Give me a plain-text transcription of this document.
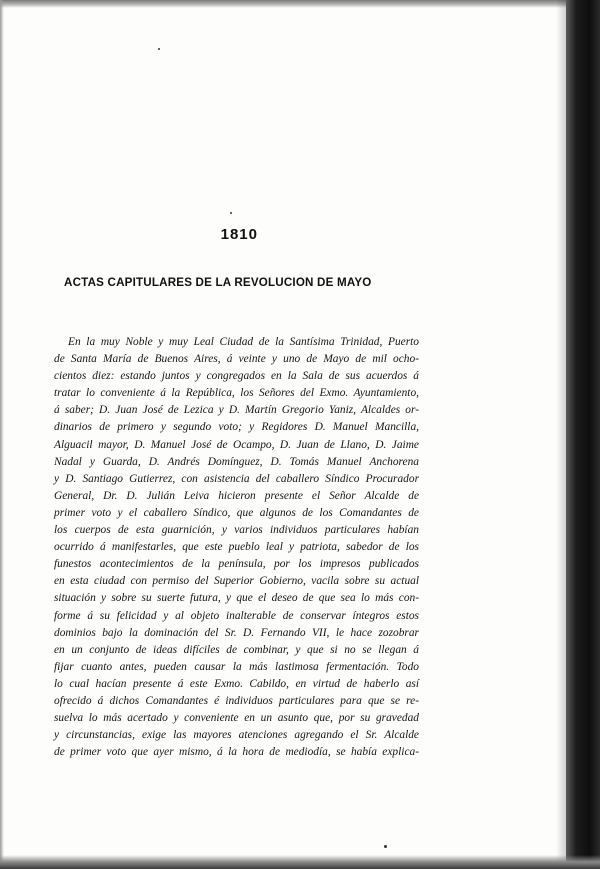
1810
ACTAS CAPITULARES DE LA REVOLUCION DE MAYO
En la muy Noble y muy Leal Ciudad de la Santísima Trinidad, Puerto
de Santa María de Buenos Aires, á veinte y uno de Mayo de mil ocho-
cientos diez: estando juntos y congregados en la Sala de sus acuerdos á
tratar lo conveniente á la República, los Señores del Exmo. Ayuntamiento,
á saber; D. Juan José de Lezica y D. Martín Gregorio Yaniz, Alcaldes or-
dinarios de primero y segundo voto; y Regidores D. Manuel Mancilla,
Alguacil mayor, D. Manuel José de Ocampo, D. Juan de Llano, D. Jaime
Nadal y Guarda, D. Andrés Domínguez, D. Tomás Manuel Anchorena
y D. Santiago Gutierrez, con asistencia del caballero Síndico Procurador
General, Dr. D. Julián Leiva hicieron presente el Señor Alcalde de
primer voto y el caballero Síndico, que algunos de los Comandantes de
los cuerpos de esta guarnición, y varios individuos particulares habían
ocurrido á manifestarles, que este pueblo leal y patriota, sabedor de los
funestos acontecimientos de la península, por los impresos publicados
en esta ciudad con permiso del Superior Gobierno, vacila sobre su actual
situación y sobre su suerte futura, y que el deseo de que sea lo más con-
forme á su felicidad y al objeto inalterable de conservar íntegros estos
dominios bajo la dominación del Sr. D. Fernando VII, le hace zozobrar
en un conjunto de ideas difíciles de combinar, y que si no se llegan á
fijar cuanto antes, pueden causar la más lastimosa fermentación. Todo
lo cual hacían presente á este Exmo. Cabildo, en virtud de haberlo así
ofrecido á dichos Comandantes é individuos particulares para que se re-
suelva lo más acertado y conveniente en un asunto que, por su gravedad
y circunstancias, exige las mayores atenciones agregando el Sr. Alcalde
de primer voto que ayer mismo, á la hora de mediodía, se había explica-
